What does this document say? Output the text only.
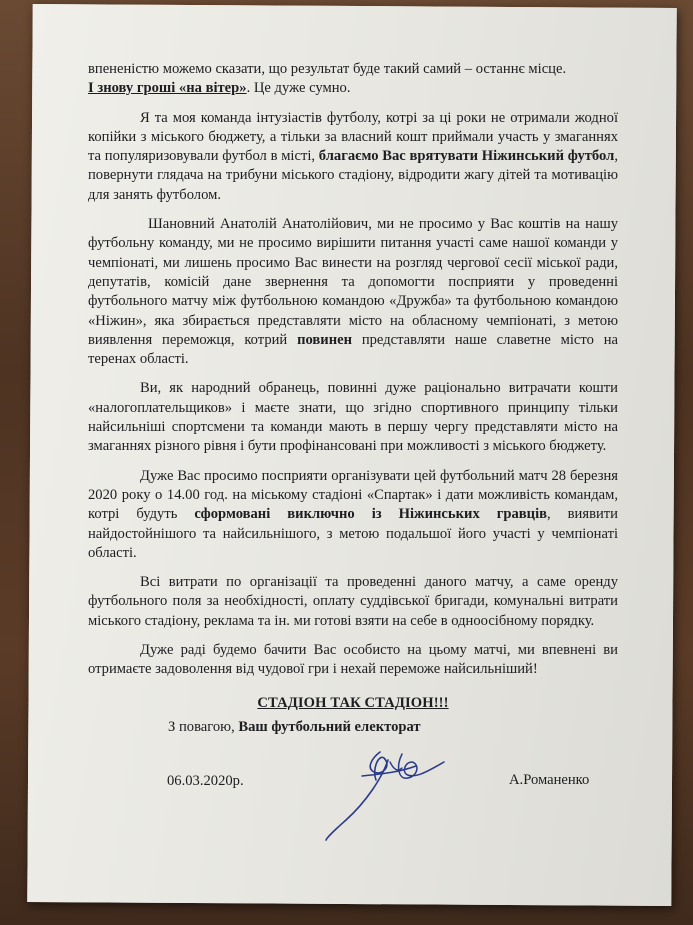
впененістю можемо сказати, що результат буде такий самий – останнє місце.
І знову гроші «на вітер». Це дуже сумно.

Я та моя команда інтузіастів футболу, котрі за ці роки не отримали жодної копійки з міського бюджету, а тільки за власний кошт приймали участь у змаганнях та популяризовували футбол в місті, благаємо Вас врятувати Ніжинський футбол, повернути глядача на трибуни міського стадіону, відродити жагу дітей та мотивацію для занять футболом.

Шановний Анатолій Анатолійович, ми не просимо у Вас коштів на нашу футбольну команду, ми не просимо вирішити питання участі саме нашої команди у чемпіонаті, ми лишень просимо Вас винести на розгляд чергової сесії міської ради, депутатів, комісій дане звернення та допомогти посприяти у проведенні футбольного матчу між футбольною командою «Дружба» та футбольною командою «Ніжин», яка збирається представляти місто на обласному чемпіонаті, з метою виявлення переможця, котрий повинен представляти наше славетне місто на теренах області.

Ви, як народний обранець, повинні дуже раціонально витрачати кошти «налогоплательщиков» і маєте знати, що згідно спортивного принципу тільки найсильніші спортсмени та команди мають в першу чергу представляти місто на змаганнях різного рівня і бути профінансовані при можливості з міського бюджету.

Дуже Вас просимо посприяти організувати цей футбольний матч 28 березня 2020 року о 14.00 год. на міському стадіоні «Спартак» і дати можливість командам, котрі будуть сформовані виключно із Ніжинських гравців, виявити найдостойнішого та найсильнішого, з метою подальшої його участі у чемпіонаті області.

Всі витрати по організації та проведенні даного матчу, а саме оренду футбольного поля за необхідності, оплату суддівської бригади, комунальні витрати міського стадіону, реклама та ін. ми готові взяти на себе в одноосібному порядку.

Дуже раді будемо бачити Вас особисто на цьому матчі, ми впевнені ви отримаєте задоволення від чудової гри і нехай переможе найсильніший!

СТАДІОН ТАК СТАДІОН!!!

З повагою, Ваш футбольний електорат
06.03.2020р.	А.Романенко
